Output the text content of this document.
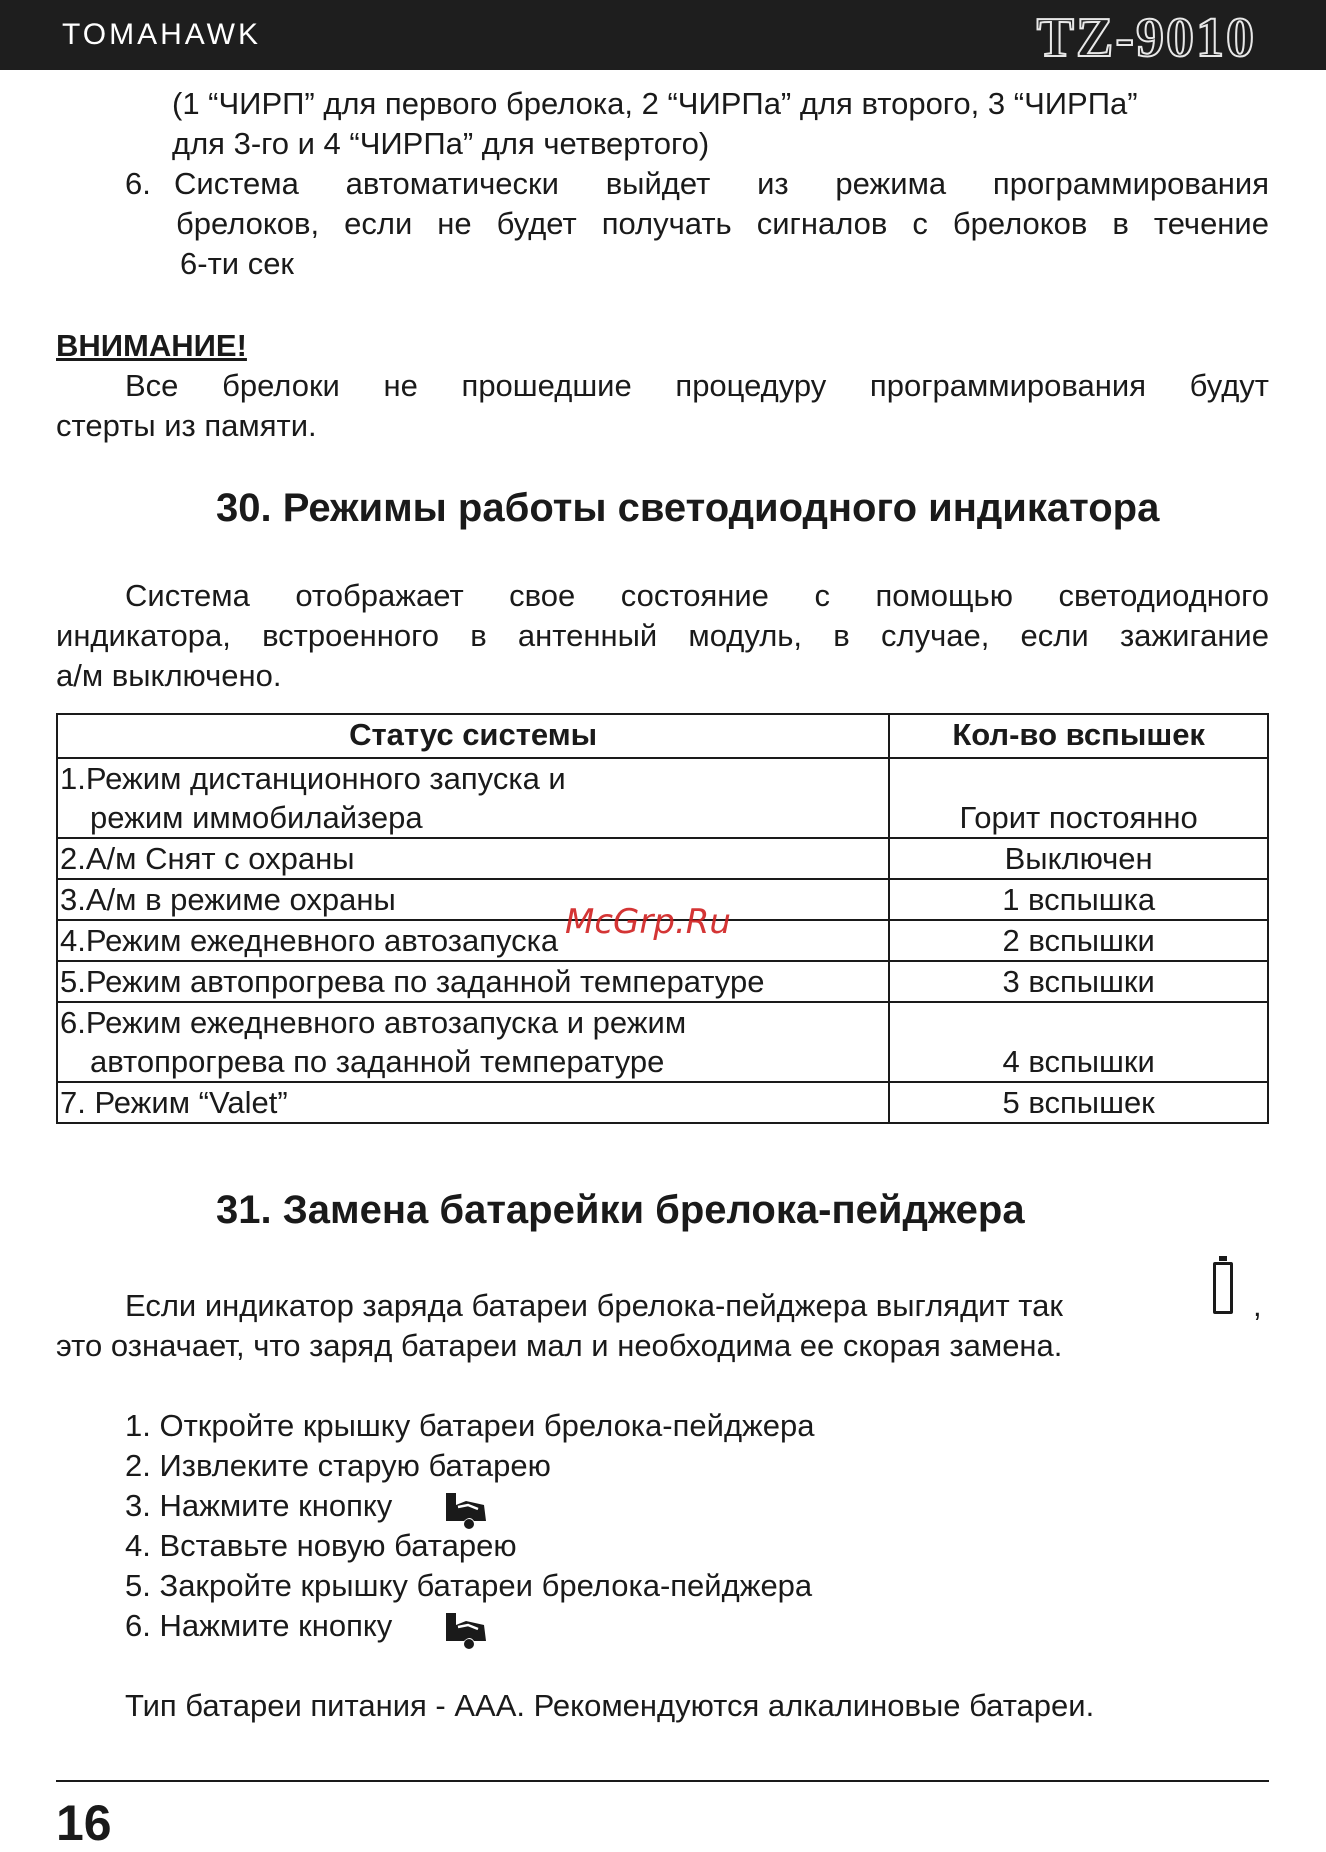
TOMAHAWK	TZ-9010
(1 “ЧИРП” для первого брелока, 2 “ЧИРПа” для второго, 3 “ЧИРПа”
для 3-го и 4 “ЧИРПа” для четвертого)
6. Система автоматически выйдет из режима программирования
брелоков, если не будет получать сигналов с брелоков в течение
6-ти сек
ВНИМАНИЕ!
Все брелоки не прошедшие процедуру программирования будут
стерты из памяти.
30. Режимы работы светодиодного индикатора
Система отображает свое состояние с помощью светодиодного
индикатора, встроенного в антенный модуль, в случае, если зажигание
а/м выключено.
Статус системы	Кол-во вспышек

1.Режим дистанционного запуска и
режим иммобилайзера	Горит постоянно
2.А/м Снят с охраны	Выключен
3.А/м в режиме охраны	1 вспышка
4.Режим ежедневного автозапуска	2 вспышки
5.Режим автопрогрева по заданной температуре	3 вспышки

6.Режим ежедневного автозапуска и режим
автопрогрева по заданной температуре	4 вспышки
7. Режим “Valet”	5 вспышек
McGrp.Ru
31. Замена батарейки брелока-пейджера
Если индикатор заряда батареи брелока-пейджера выглядит так	,
это означает, что заряд батареи мал и необходима ее скорая замена.
1. Откройте крышку батареи брелока-пейджера
2. Извлеките старую батарею
3. Нажмите кнопку
4. Вставьте новую батарею
5. Закройте крышку батареи брелока-пейджера
6. Нажмите кнопку
Тип батареи питания - ААА. Рекомендуются алкалиновые батареи.
16
